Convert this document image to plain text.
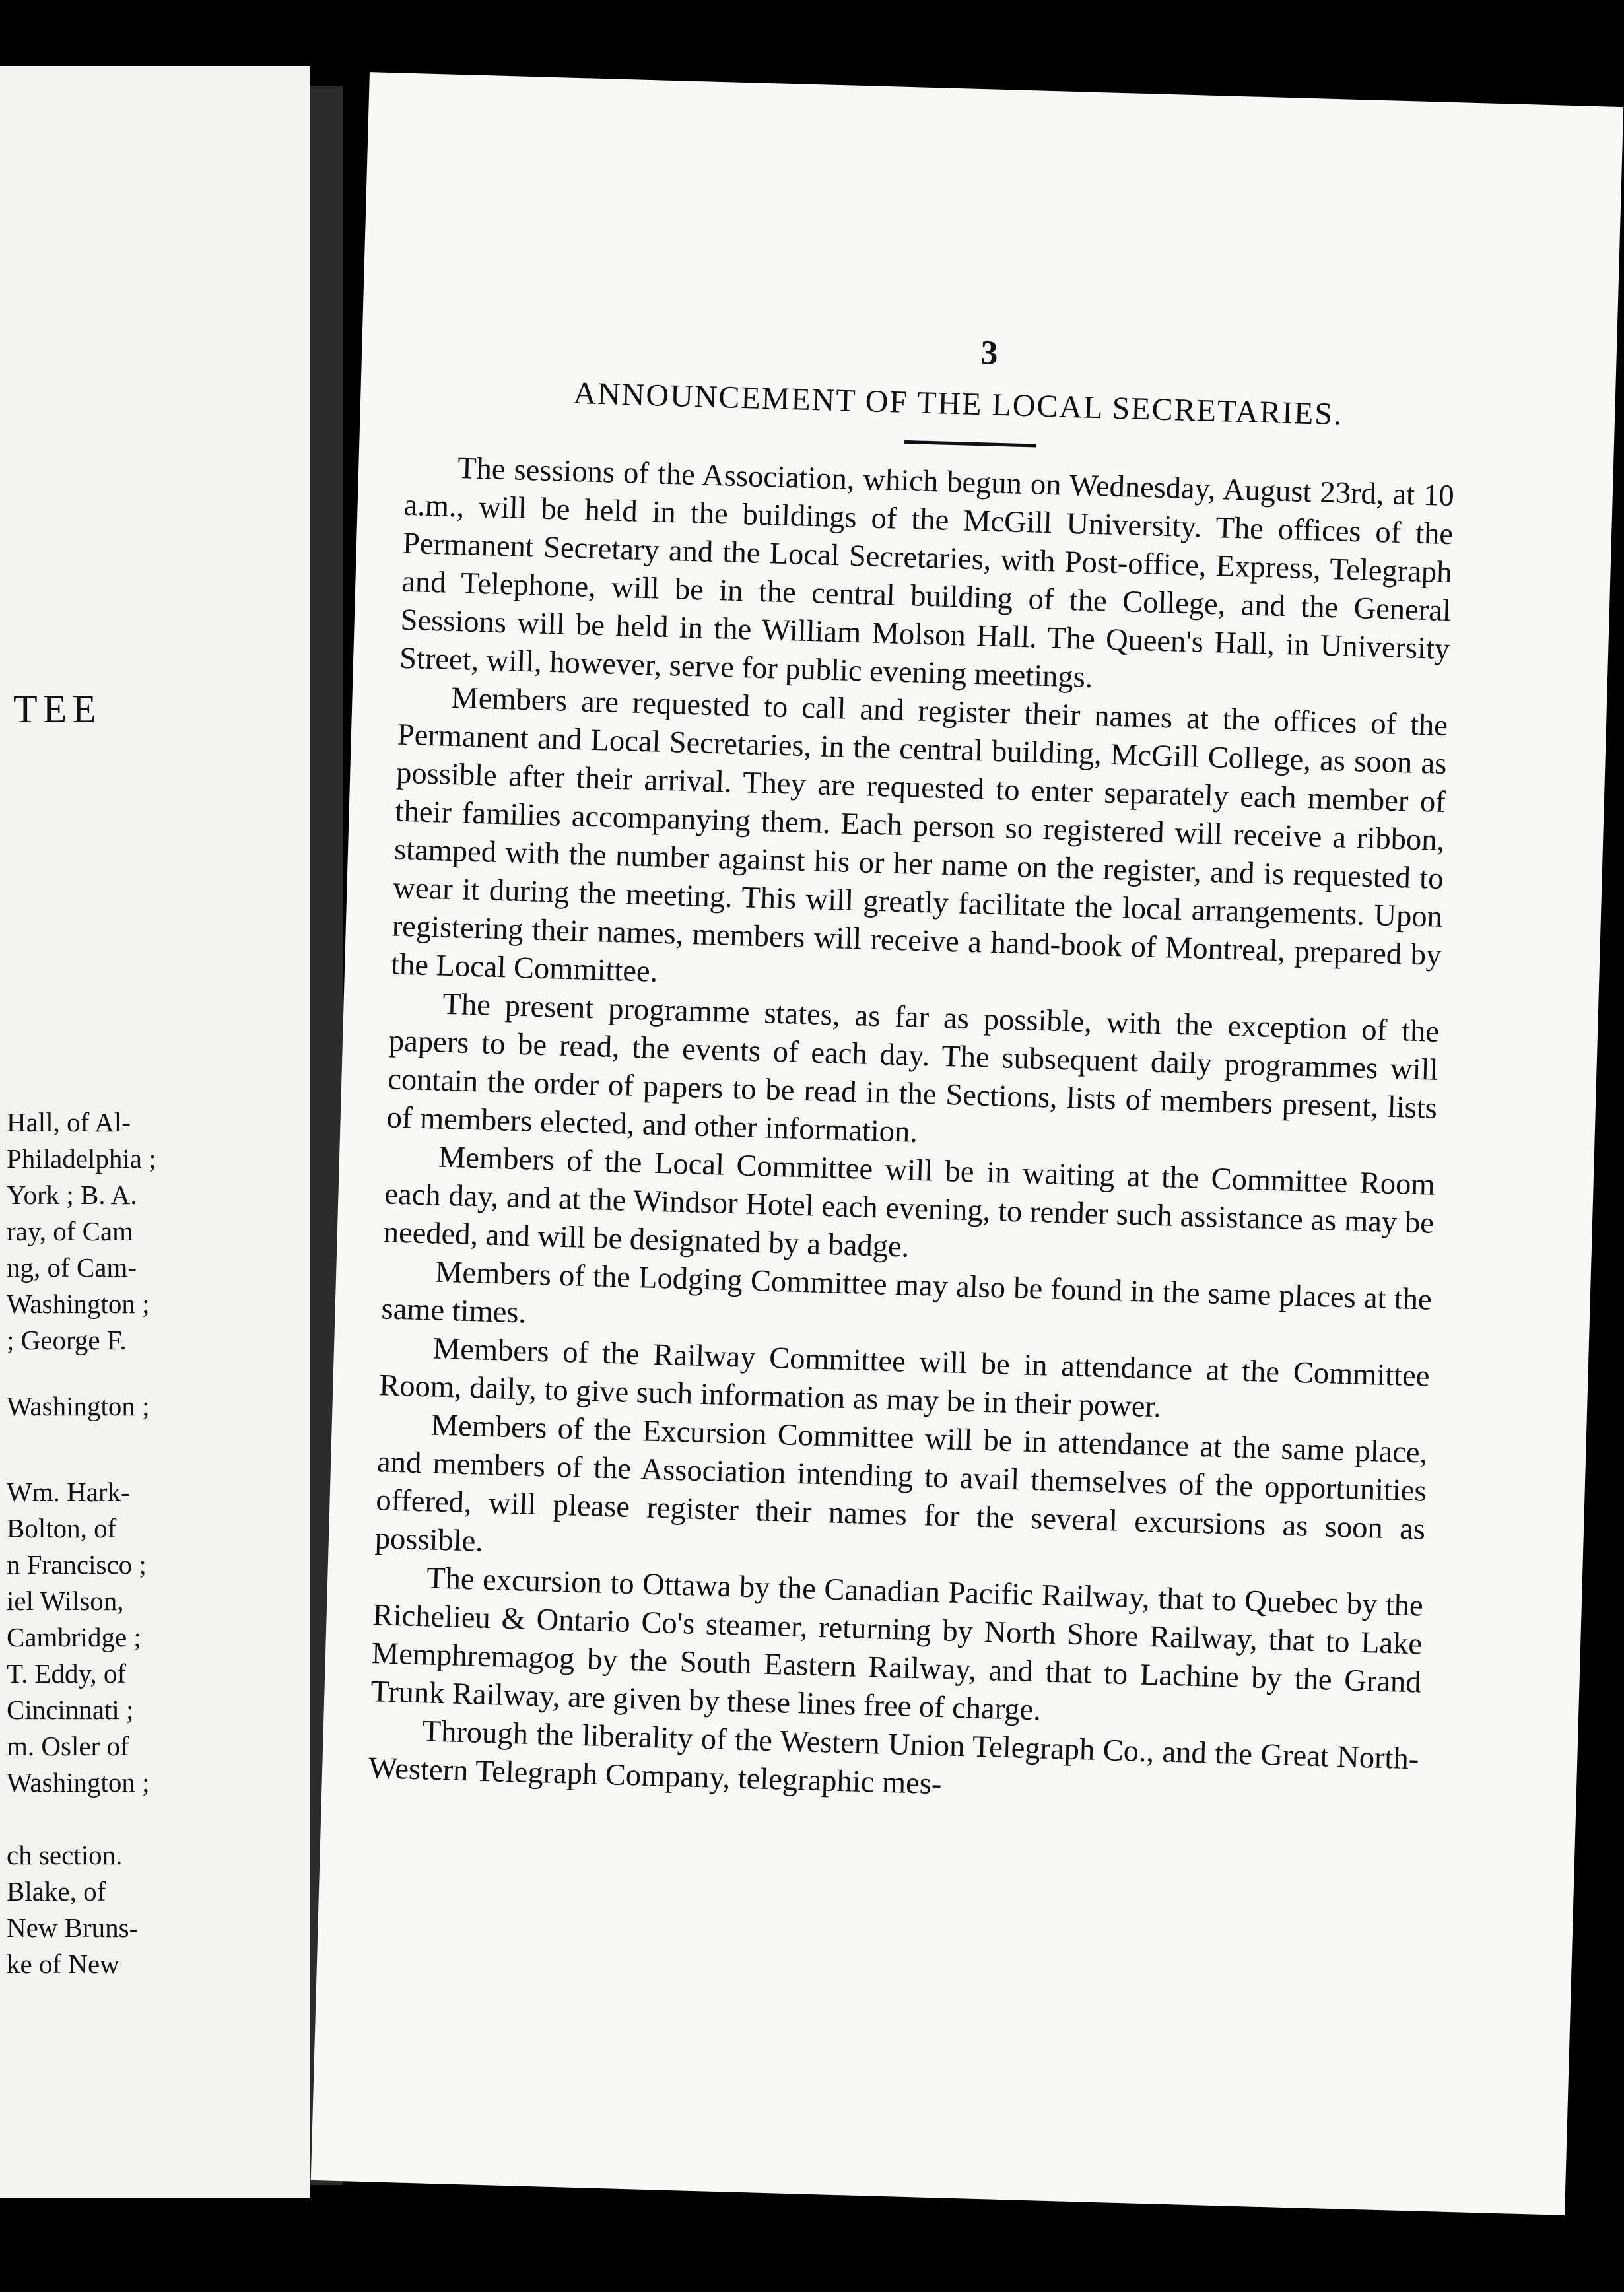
TEE
Hall, of Al-
Philadelphia ;
York ; B. A.
ray, of Cam
ng, of Cam-
Washington ;
; George F.
Washington ;
Wm. Hark-
Bolton, of
n Francisco ;
iel Wilson,
Cambridge ;
T. Eddy, of
Cincinnati ;
m. Osler of
Washington ;
ch section.
Blake, of
New Bruns-
ke of New
3
ANNOUNCEMENT OF THE LOCAL SECRETARIES.

The sessions of the Association, which begun on Wednesday, August 23rd, at 10 a.m., will be held in the buildings of the McGill University. The offices of the Permanent Secretary and the Local Secretaries, with Post-office, Express, Telegraph and Telephone, will be in the central building of the College, and the General Sessions will be held in the William Molson Hall. The Queen's Hall, in University Street, will, however, serve for public evening meetings.

Members are requested to call and register their names at the offices of the Permanent and Local Secretaries, in the central building, McGill College, as soon as possible after their arrival. They are requested to enter separately each member of their families accompanying them. Each person so registered will receive a ribbon, stamped with the number against his or her name on the register, and is requested to wear it during the meeting. This will greatly facilitate the local arrangements. Upon registering their names, members will receive a hand-book of Montreal, prepared by the Local Committee.

The present programme states, as far as possible, with the exception of the papers to be read, the events of each day. The subsequent daily programmes will contain the order of papers to be read in the Sections, lists of members present, lists of members elected, and other information.

Members of the Local Committee will be in waiting at the Committee Room each day, and at the Windsor Hotel each evening, to render such assistance as may be needed, and will be designated by a badge.

Members of the Lodging Committee may also be found in the same places at the same times.

Members of the Railway Committee will be in attendance at the Committee Room, daily, to give such information as may be in their power.

Members of the Excursion Committee will be in attendance at the same place, and members of the Association intending to avail themselves of the opportunities offered, will please register their names for the several excursions as soon as possible.

The excursion to Ottawa by the Canadian Pacific Railway, that to Quebec by the Richelieu & Ontario Co's steamer, returning by North Shore Railway, that to Lake Memphremagog by the South Eastern Railway, and that to Lachine by the Grand Trunk Railway, are given by these lines free of charge.

Through the liberality of the Western Union Telegraph Co., and the Great North-Western Telegraph Company, telegraphic mes-
